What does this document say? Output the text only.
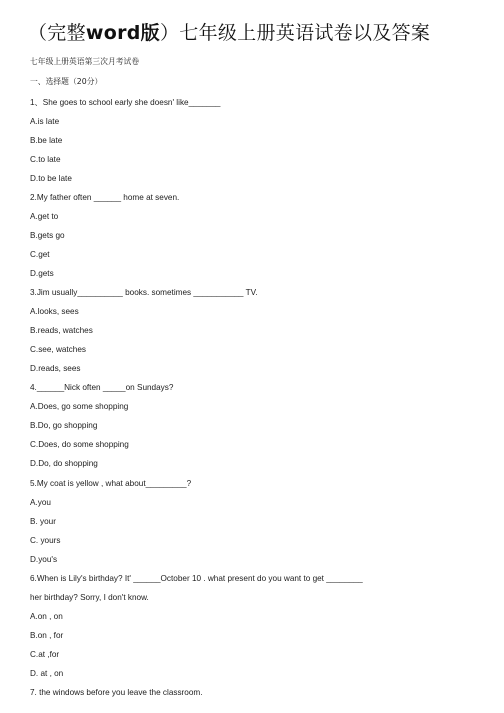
（完整word版）七年级上册英语试卷以及答案
七年级上册英语第三次月考试卷
一、选择题（20分）
1、She goes to school early she doesn' like_______
A.is late
B.be late
C.to late
D.to be late
2.My father often ______ home at seven.
A.get to
B.gets go
C.get
D.gets
3.Jim usually__________ books. sometimes ___________ TV.
A.looks, sees
B.reads, watches
C.see, watches
D.reads, sees
4.______Nick often _____on Sundays?
A.Does, go some shopping
B.Do, go shopping
C.Does, do some shopping
D.Do, do shopping
5.My coat is yellow , what about_________?
A.you
B. your
C. yours
D.you's
6.When is Lily's birthday? It' ______October 10 . what present do you want to get ________
her birthday? Sorry, I don't know.
A.on , on
B.on , for
C.at ,for
D. at , on
7. the windows before you leave the classroom.
